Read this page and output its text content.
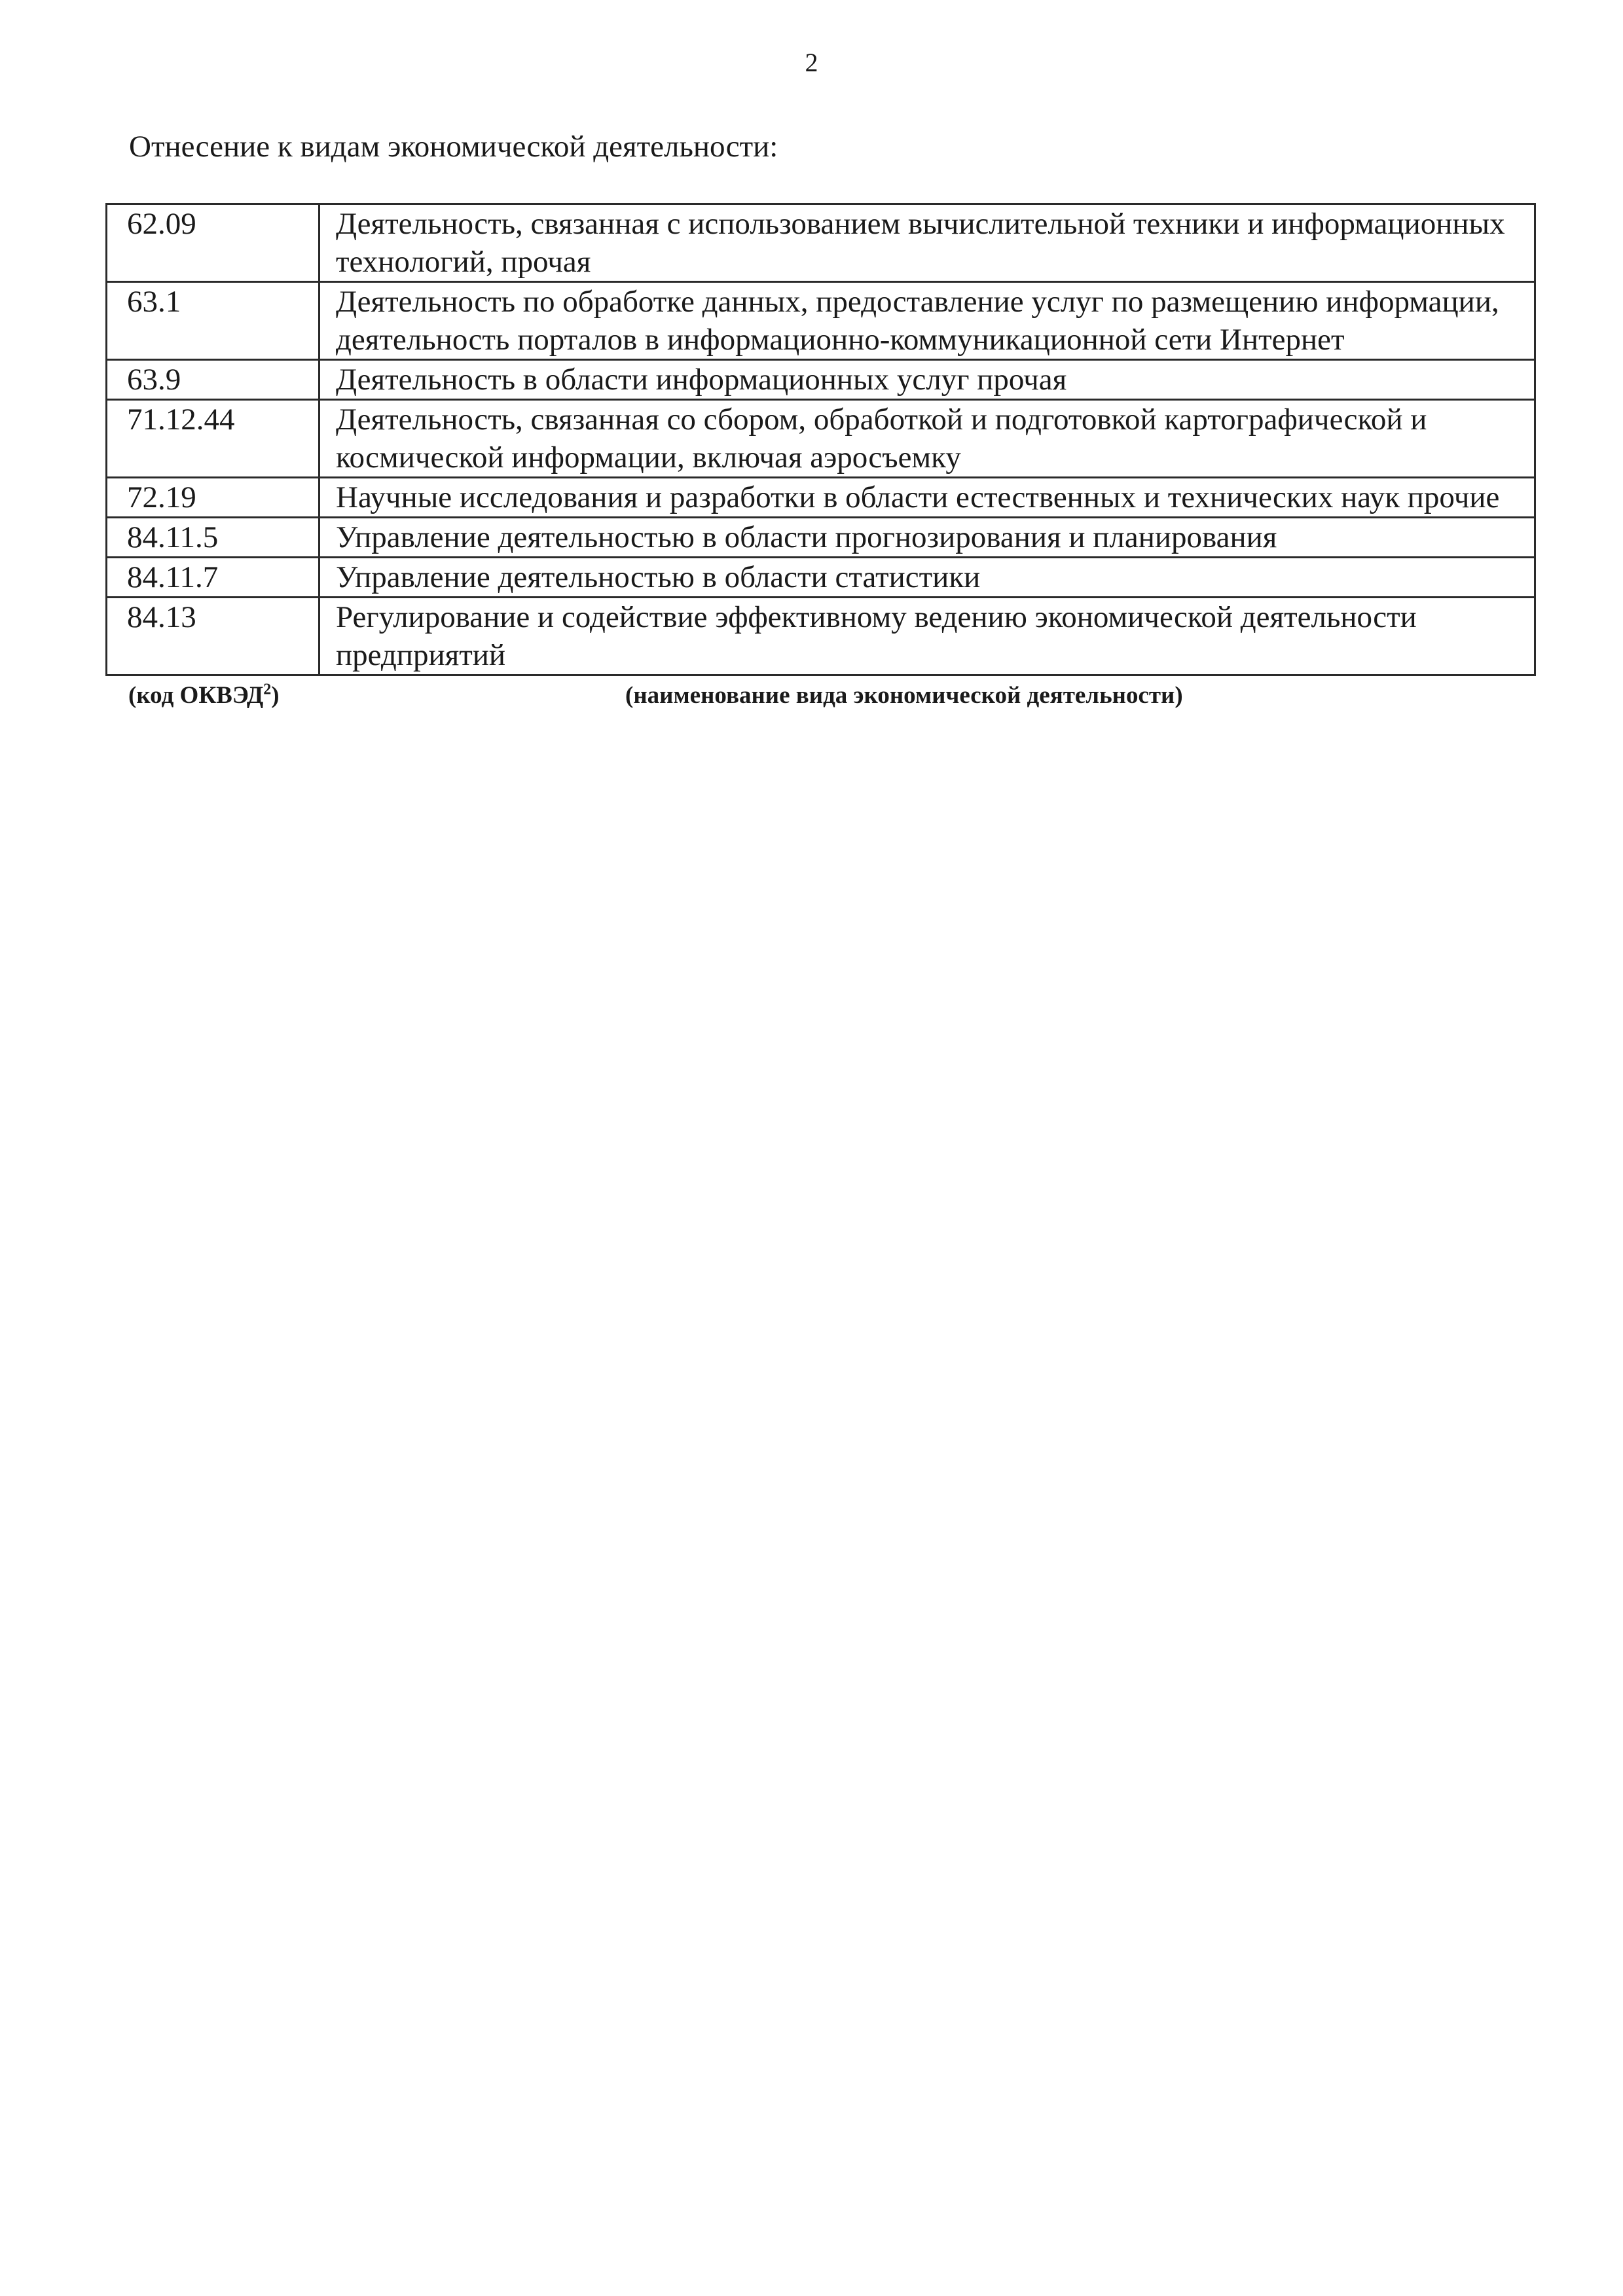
2
Отнесение к видам экономической деятельности:
62.09	Деятельность, связанная с использованием вычислительной техники и информационных технологий, прочая
63.1	Деятельность по обработке данных, предоставление услуг по размещению информации, деятельность порталов в информационно-коммуникационной сети Интернет
63.9	Деятельность в области информационных услуг прочая
71.12.44	Деятельность, связанная со сбором, обработкой и подготовкой картографической и космической информации, включая аэросъемку
72.19	Научные исследования и разработки в области естественных и технических наук прочие
84.11.5	Управление деятельностью в области прогнозирования и планирования
84.11.7	Управление деятельностью в области статистики
84.13	Регулирование и содействие эффективному ведению экономической деятельности предприятий
(код ОКВЭД$^2$)	(наименование вида экономической деятельности)
